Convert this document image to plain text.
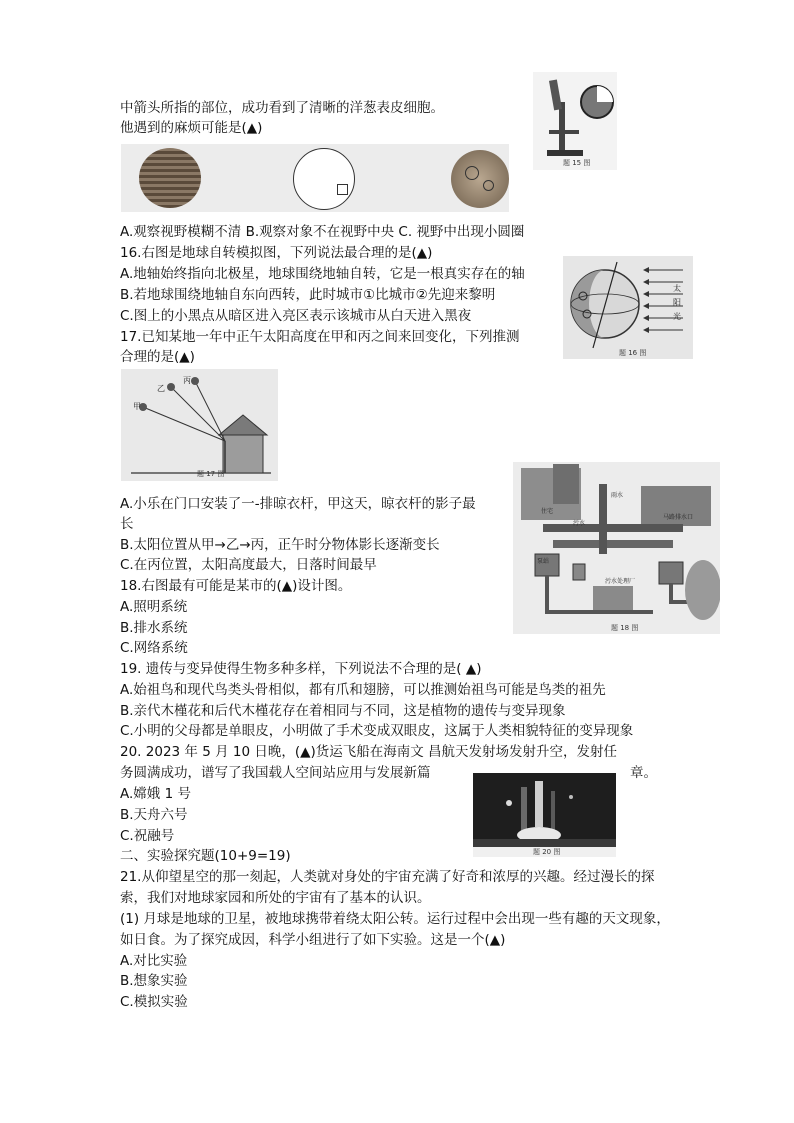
中箭头所指的部位，成功看到了清晰的洋葱表皮细胞。
他遇到的麻烦可能是(▲)
A.观察视野模糊不清 B.观察对象不在视野中央 C. 视野中出现小圆圈
16.右图是地球自转模拟图，下列说法最合理的是(▲)
A.地轴始终指向北极星，地球围绕地轴自转，它是一根真实存在的轴
B.若地球围绕地轴自东向西转，此时城市①比城市②先迎来黎明
C.图上的小黑点从暗区进入亮区表示该城市从白天进入黑夜
17.已知某地一年中正午太阳高度在甲和丙之间来回变化，下列推测
合理的是(▲)
A.小乐在门口安装了一-排晾衣杆，甲这天，晾衣杆的影子最
长
B.太阳位置从甲→乙→丙，正午时分物体影长逐渐变长
C.在丙位置，太阳高度最大，日落时间最早
18.右图最有可能是某市的(▲)设计图。
A.照明系统
B.排水系统
C.网络系统
19. 遗传与变异使得生物多种多样，下列说法不合理的是( ▲)
A.始祖鸟和现代鸟类头骨相似，都有爪和翅膀，可以推测始祖鸟可能是鸟类的祖先
B.亲代木槿花和后代木槿花存在着相同与不同，这是植物的遗传与变异现象
C.小明的父母都是单眼皮，小明做了手术变成双眼皮，这属于人类相貌特征的变异现象
20. 2023 年 5 月 10 日晚，(▲)货运飞船在海南文 昌航天发射场发射升空，发射任
务圆满成功，谱写了我国载人空间站应用与发展新篇	章。
A.嫦娥 1 号
B.天舟六号
C.祝融号
二、实验探究题(10+9=19)
21.从仰望星空的那一刻起，人类就对身处的宇宙充满了好奇和浓厚的兴趣。经过漫长的探
索，我们对地球家园和所处的宇宙有了基本的认识。
(1) 月球是地球的卫星，被地球携带着绕太阳公转。运行过程中会出现一些有趣的天文现象，
如日食。为了探究成因，科学小组进行了如下实验。这是一个(▲)
A.对比实验
B.想象实验
C.模拟实验
题 15 图
太
阳
光
题 16 图
甲
乙
丙
题 17 图
住宅
马路排水口
雨水
污水
污水处理厂
泵站
题 18 图
题 20 图
